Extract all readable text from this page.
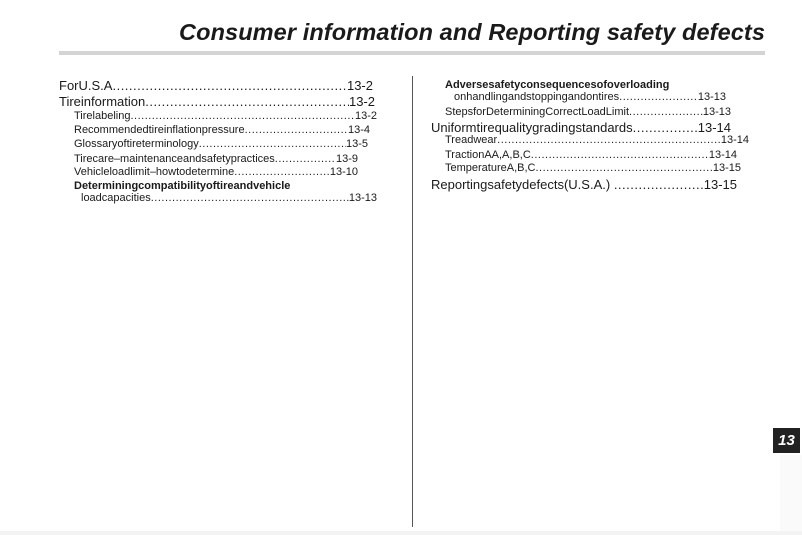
Consumer information and Reporting safety defects
ForU.S.A .....	13-2
Tireinformation .....	13-2
Tirelabeling .....	13-2
Recommendedtireinflationpressure .....	13-4
Glossaryoftireterminology .....	13-5
Tirecare–maintenanceandsafetypractices .....	13-9
Vehicleloadlimit–howtodetermine .....	13-10
Determiningcompatibilityoftireandvehicle
loadcapacities .....	13-13
Adversesafetyconsequencesofoverloading
onhandlingandstoppingandontires .....	13-13
StepsforDeterminingCorrectLoadLimit .....	13-13
Uniformtirequalitygradingstandards .....	13-14
Treadwear .....	13-14
TractionAA,A,B,C .....	13-14
TemperatureA,B,C .....	13-15
Reportingsafetydefects(U.S.A.) .....	13-15
13
